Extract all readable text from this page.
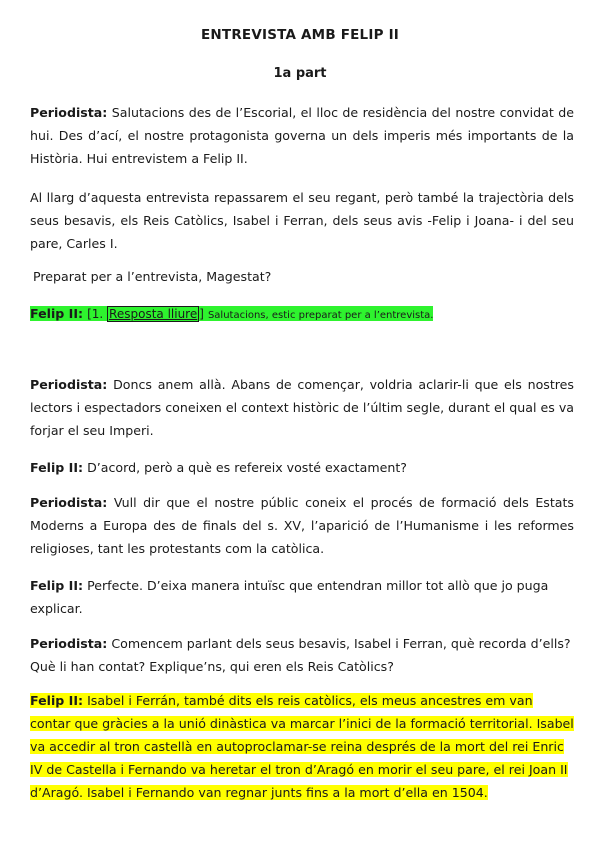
ENTREVISTA AMB FELIP II
1a part

Periodista: Salutacions des de l’Escorial, el lloc de residència del nostre convidat de hui. Des d’ací, el nostre protagonista governa un dels imperis més importants de la Història. Hui entrevistem a Felip II.

Al llarg d’aquesta entrevista repassarem el seu regant, però també la trajectòria dels seus besavis, els Reis Catòlics, Isabel i Ferran, dels seus avis -Felip i Joana- i del seu pare, Carles I.

Preparat per a l’entrevista, Magestat?

Felip II: [1. Resposta lliure ] Salutacions, estic preparat per a l’entrevista.

Periodista: Doncs anem allà. Abans de començar, voldria aclarir-li que els nostres lectors i espectadors coneixen el context històric de l’últim segle, durant el qual es va forjar el seu Imperi.

Felip II: D’acord, però a què es refereix vosté exactament?

Periodista: Vull dir que el nostre públic coneix el procés de formació dels Estats Moderns a Europa des de finals del s. XV, l’aparició de l’Humanisme i les reformes religioses, tant les protestants com la catòlica.

Felip II: Perfecte. D’eixa manera intuïsc que entendran millor tot allò que jo puga explicar.

Periodista: Comencem parlant dels seus besavis, Isabel i Ferran, què recorda d’ells? Què li han contat? Explique’ns, qui eren els Reis Catòlics?

Felip II: Isabel i Ferrán, també dits els reis catòlics, els meus ancestres em van contar que gràcies a la unió dinàstica va marcar l’inici de la formació territorial. Isabel va accedir al tron castellà en autoproclamar-se reina després de la mort del rei Enric IV de Castella i Fernando va heretar el tron d’Aragó en morir el seu pare, el rei Joan II d’Aragó. Isabel i Fernando van regnar junts fins a la mort d’ella en 1504.
